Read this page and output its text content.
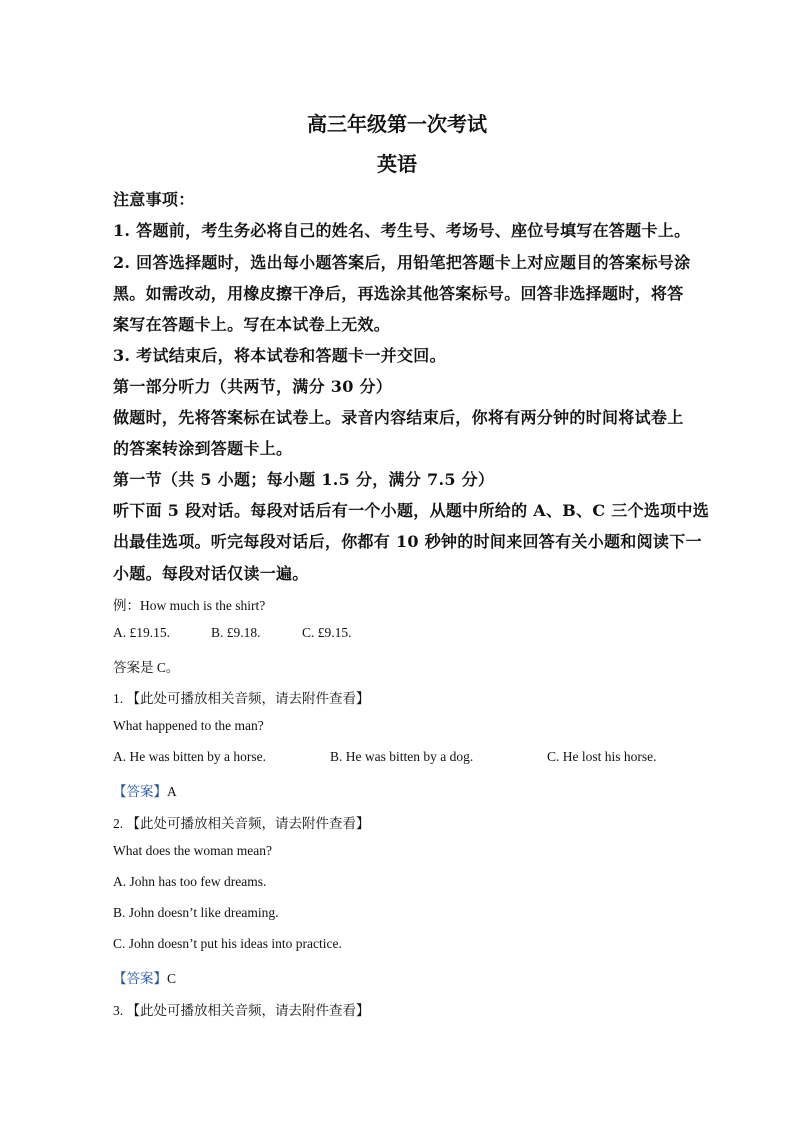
高三年级第一次考试
英语
注意事项：
1. 答题前，考生务必将自己的姓名、考生号、考场号、座位号填写在答题卡上。
2. 回答选择题时，选出每小题答案后，用铅笔把答题卡上对应题目的答案标号涂
黑。如需改动，用橡皮擦干净后，再选涂其他答案标号。回答非选择题时，将答
案写在答题卡上。写在本试卷上无效。
3. 考试结束后，将本试卷和答题卡一并交回。
第一部分听力（共两节，满分 30 分）
做题时，先将答案标在试卷上。录音内容结束后，你将有两分钟的时间将试卷上
的答案转涂到答题卡上。
第一节（共 5 小题；每小题 1.5 分，满分 7.5 分）
听下面 5 段对话。每段对话后有一个小题，从题中所给的 A、B、C 三个选项中选
出最佳选项。听完每段对话后，你都有 10 秒钟的时间来回答有关小题和阅读下一
小题。每段对话仅读一遍。
例：How much is the shirt?
A. £19.15.	B. £9.18.	C. £9.15.
答案是 C。
1. 【此处可播放相关音频，请去附件查看】
What happened to the man?
A. He was bitten by a horse.	B. He was bitten by a dog.	C. He lost his horse.
【答案】A
2. 【此处可播放相关音频，请去附件查看】
What does the woman mean?
A. John has too few dreams.
B. John doesn’t like dreaming.
C. John doesn’t put his ideas into practice.
【答案】C
3. 【此处可播放相关音频，请去附件查看】
